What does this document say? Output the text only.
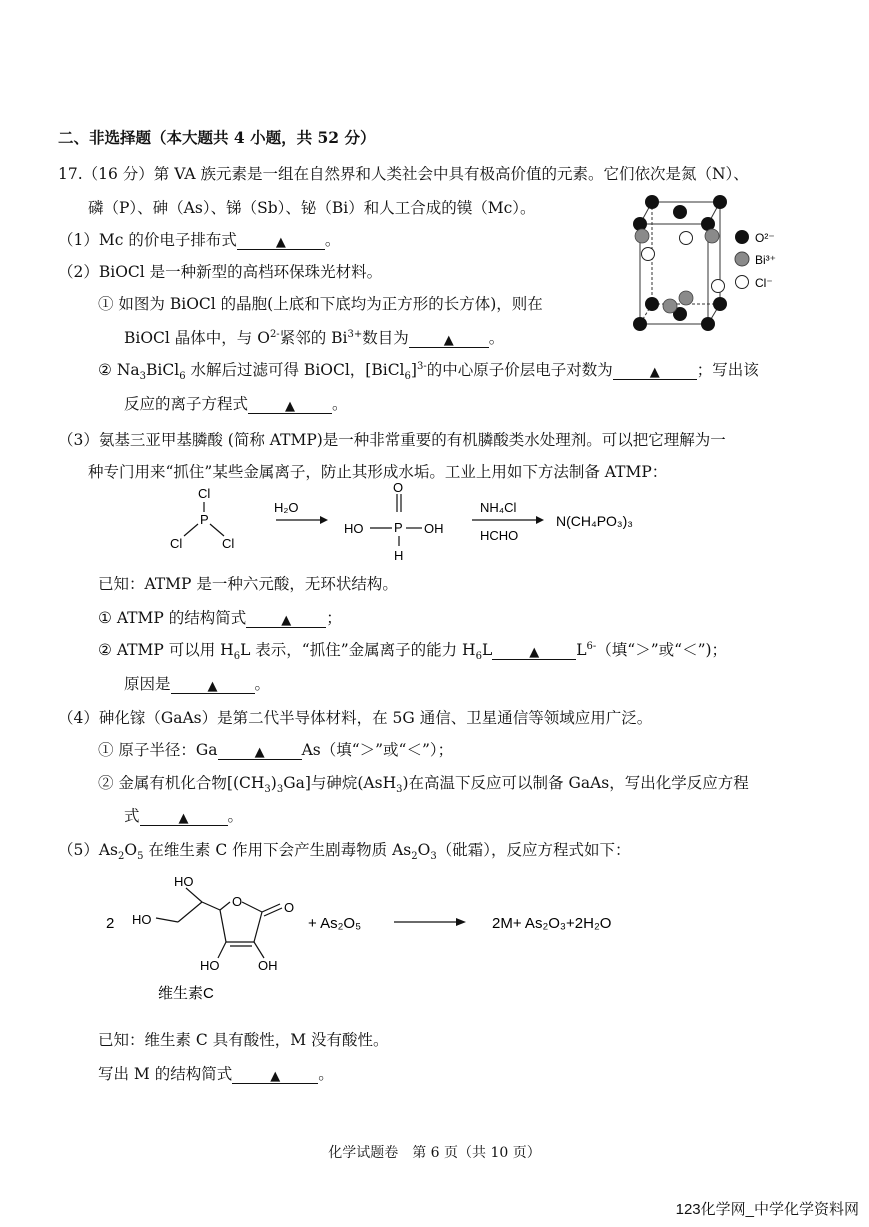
二、非选择题（本大题共 4 小题，共 52 分）
17.（16 分）第 VA 族元素是一组在自然界和人类社会中具有极高价值的元素。它们依次是氮（N）、
磷（P）、砷（As）、锑（Sb）、铋（Bi）和人工合成的镆（Mc）。
（1）Mc 的价电子排布式	▲	。
（2）BiOCl 是一种新型的高档环保珠光材料。
① 如图为 BiOCl 的晶胞(上底和下底均为正方形的长方体)，则在
BiOCl 晶体中，与 $O^{2-}$紧邻的 $Bi^{3+}$数目为	▲ 。
② $Na_3BiCl_6$ 水解后过滤可得 BiOCl，[BiCl$_6$]$^{3-}$的中心原子价层电子对数为	▲ ；写出该
反应的离子方程式	▲ 。
O²⁻
Bi³⁺
Cl⁻
（3）氨基三亚甲基膦酸 (简称 ATMP)是一种非常重要的有机膦酸类水处理剂。可以把它理解为一
种专门用来“抓住”某些金属离子，防止其形成水垢。工业上用如下方法制备 ATMP：
Cl
P
Cl	Cl
H₂O
O
P
HO	OH
H
NH₄Cl
HCHO
N(CH₄PO₃)₃
已知：ATMP 是一种六元酸，无环状结构。
① ATMP 的结构简式	▲ ；
② ATMP 可以用 $H_6L$ 表示，“抓住”金属离子的能力 $H_6L$	▲ $L^{6-}$（填“＞”或“＜”)；
原因是	▲ 。
（4）砷化镓（GaAs）是第二代半导体材料，在 5G 通信、卫星通信等领域应用广泛。
① 原子半径：Ga	▲ As（填“＞”或“＜”）；
② 金属有机化合物$[(CH_3)_3Ga]$与砷烷(AsH$_3$)在高温下反应可以制备 GaAs，写出化学反应方程
式	▲	。
$(5)As_2O_5$ 在维生素 C 作用下会产生剧毒物质 $As_2O_3$（砒霜），反应方程式如下：
2
HO
HO
O	O
HO	OH
+ As₂O₅	2M+ As₂O₃+2H₂O
维生素C
已知：维生素 C 具有酸性，M 没有酸性。
写出 M 的结构简式	▲ 。
化学试题卷　第 6 页（共 10 页）
123化学网_中学化学资料网
